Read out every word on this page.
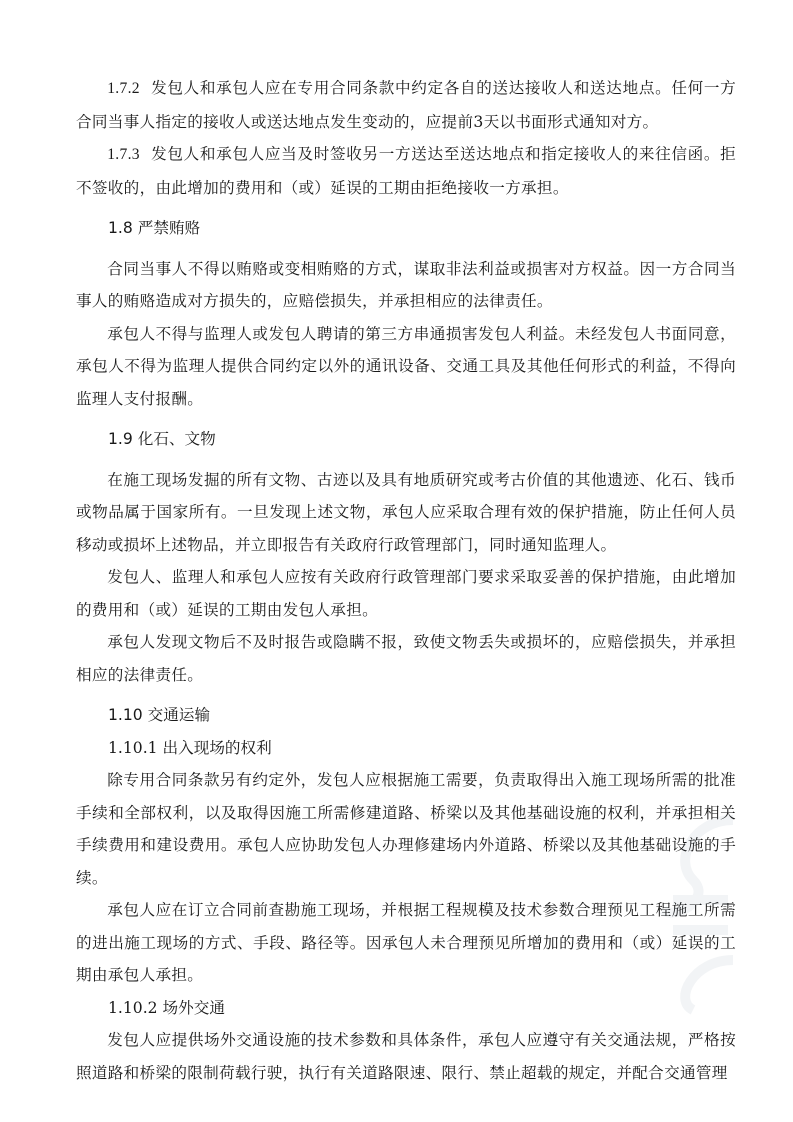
1.7.2 发包人和承包人应在专用合同条款中约定各自的送达接收人和送达地点。任何一方合同当事人指定的接收人或送达地点发生变动的，应提前3天以书面形式通知对方。

1.7.3 发包人和承包人应当及时签收另一方送达至送达地点和指定接收人的来往信函。拒不签收的，由此增加的费用和（或）延误的工期由拒绝接收一方承担。

1.8 严禁贿赂

合同当事人不得以贿赂或变相贿赂的方式，谋取非法利益或损害对方权益。因一方合同当事人的贿赂造成对方损失的，应赔偿损失，并承担相应的法律责任。

承包人不得与监理人或发包人聘请的第三方串通损害发包人利益。未经发包人书面同意，承包人不得为监理人提供合同约定以外的通讯设备、交通工具及其他任何形式的利益，不得向监理人支付报酬。

1.9 化石、文物

在施工现场发掘的所有文物、古迹以及具有地质研究或考古价值的其他遗迹、化石、钱币或物品属于国家所有。一旦发现上述文物，承包人应采取合理有效的保护措施，防止任何人员移动或损坏上述物品，并立即报告有关政府行政管理部门，同时通知监理人。

发包人、监理人和承包人应按有关政府行政管理部门要求采取妥善的保护措施，由此增加的费用和（或）延误的工期由发包人承担。

承包人发现文物后不及时报告或隐瞒不报，致使文物丢失或损坏的，应赔偿损失，并承担相应的法律责任。

1.10 交通运输
1.10.1 出入现场的权利

除专用合同条款另有约定外，发包人应根据施工需要，负责取得出入施工现场所需的批准手续和全部权利，以及取得因施工所需修建道路、桥梁以及其他基础设施的权利，并承担相关手续费用和建设费用。承包人应协助发包人办理修建场内外道路、桥梁以及其他基础设施的手续。

承包人应在订立合同前查勘施工现场，并根据工程规模及技术参数合理预见工程施工所需的进出施工现场的方式、手段、路径等。因承包人未合理预见所增加的费用和（或）延误的工期由承包人承担。

1.10.2 场外交通

发包人应提供场外交通设施的技术参数和具体条件，承包人应遵守有关交通法规，严格按照道路和桥梁的限制荷载行驶，执行有关道路限速、限行、禁止超载的规定，并配合交通管理
